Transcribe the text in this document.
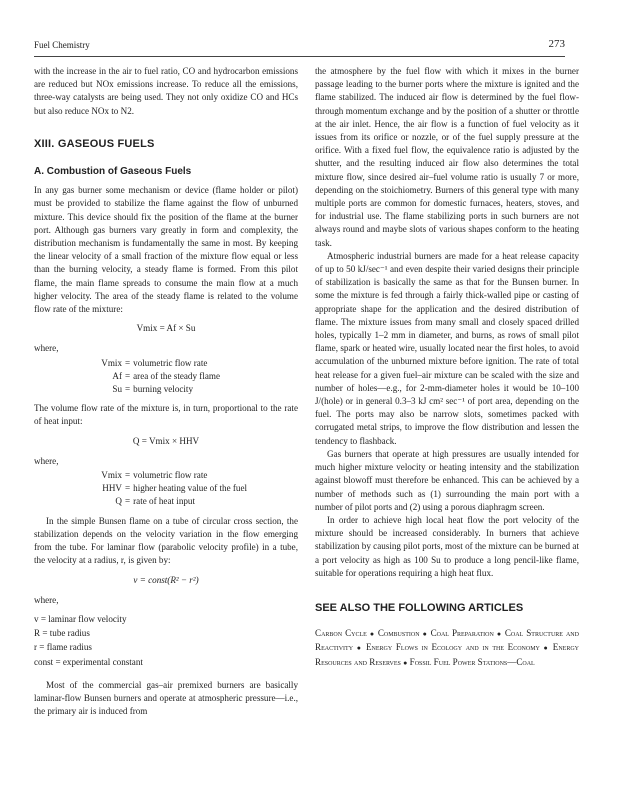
Fuel Chemistry	273

with the increase in the air to fuel ratio, CO and hydrocarbon emissions are reduced but NOx emissions increase. To reduce all the emissions, three-way catalysts are being used. They not only oxidize CO and HCs but also reduce NOx to N2.

XIII. GASEOUS FUELS
A. Combustion of Gaseous Fuels

In any gas burner some mechanism or device (flame holder or pilot) must be provided to stabilize the flame against the flow of unburned mixture. This device should fix the position of the flame at the burner port. Although gas burners vary greatly in form and complexity, the distribution mechanism is fundamentally the same in most. By keeping the linear velocity of a small fraction of the mixture flow equal or less than the burning velocity, a steady flame is formed. From this pilot flame, the main flame spreads to consume the main flow at a much higher velocity. The area of the steady flame is related to the volume flow rate of the mixture:

Vmix = Af × Su
where,
Vmix = volumetric flow rate
Af = area of the steady flame
Su = burning velocity

The volume flow rate of the mixture is, in turn, proportional to the rate of heat input:

Q = Vmix × HHV
where,
Vmix = volumetric flow rate
HHV = higher heating value of the fuel
Q = rate of heat input

In the simple Bunsen flame on a tube of circular cross section, the stabilization depends on the velocity variation in the flow emerging from the tube. For laminar flow (parabolic velocity profile) in a tube, the velocity at a radius, r, is given by:

v = const(R² − r²)
where,
v = laminar flow velocity
R = tube radius
r = flame radius
const = experimental constant

Most of the commercial gas–air premixed burners are basically laminar-flow Bunsen burners and operate at atmospheric pressure—i.e., the primary air is induced from

the atmosphere by the fuel flow with which it mixes in the burner passage leading to the burner ports where the mixture is ignited and the flame stabilized. The induced air flow is determined by the fuel flow-through momentum exchange and by the position of a shutter or throttle at the air inlet. Hence, the air flow is a function of fuel velocity as it issues from its orifice or nozzle, or of the fuel supply pressure at the orifice. With a fixed fuel flow, the equivalence ratio is adjusted by the shutter, and the resulting induced air flow also determines the total mixture flow, since desired air–fuel volume ratio is usually 7 or more, depending on the stoichiometry. Burners of this general type with many multiple ports are common for domestic furnaces, heaters, stoves, and for industrial use. The flame stabilizing ports in such burners are not always round and maybe slots of various shapes conform to the heating task.

Atmospheric industrial burners are made for a heat release capacity of up to 50 kJ/sec⁻¹ and even despite their varied designs their principle of stabilization is basically the same as that for the Bunsen burner. In some the mixture is fed through a fairly thick-walled pipe or casting of appropriate shape for the application and the desired distribution of flame. The mixture issues from many small and closely spaced drilled holes, typically 1–2 mm in diameter, and burns, as rows of small pilot flame, spark or heated wire, usually located near the first holes, to avoid accumulation of the unburned mixture before ignition. The rate of total heat release for a given fuel–air mixture can be scaled with the size and number of holes—e.g., for 2-mm-diameter holes it would be 10–100 J/(hole) or in general 0.3–3 kJ cm² sec⁻¹ of port area, depending on the fuel. The ports may also be narrow slots, sometimes packed with corrugated metal strips, to improve the flow distribution and lessen the tendency to flashback.

Gas burners that operate at high pressures are usually intended for much higher mixture velocity or heating intensity and the stabilization against blowoff must therefore be enhanced. This can be achieved by a number of methods such as (1) surrounding the main port with a number of pilot ports and (2) using a porous diaphragm screen.

In order to achieve high local heat flow the port velocity of the mixture should be increased considerably. In burners that achieve stabilization by causing pilot ports, most of the mixture can be burned at a port velocity as high as 100 Su to produce a long pencil-like flame, suitable for operations requiring a high heat flux.

SEE ALSO THE FOLLOWING ARTICLES
Carbon Cycle ● Combustion ● Coal Preparation ● Coal Structure and Reactivity ● Energy Flows in Ecology and in the Economy ● Energy Resources and Reserves ● Fossil Fuel Power Stations—Coal
